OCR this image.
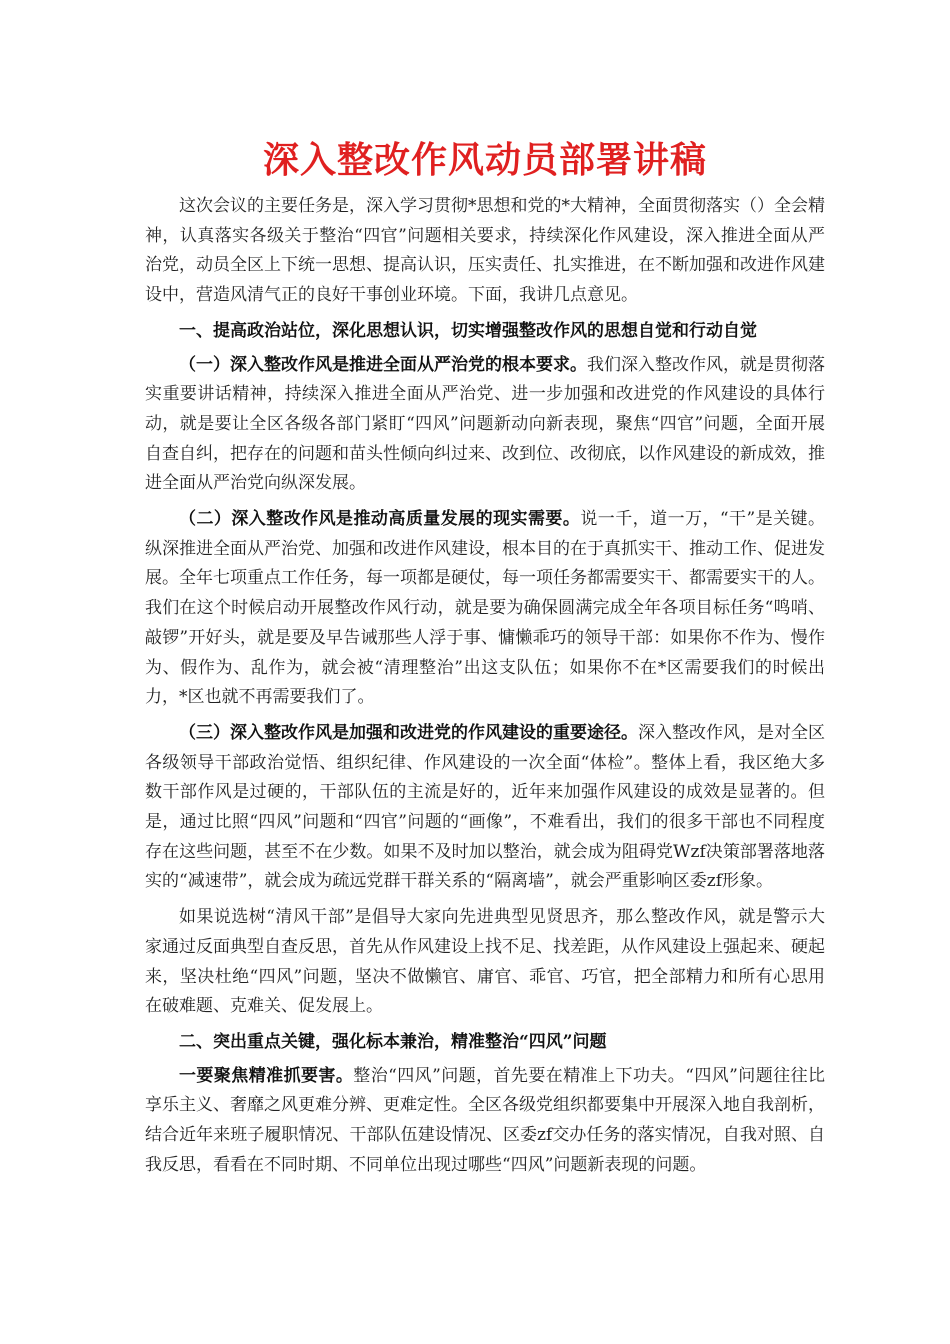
深入整改作风动员部署讲稿

这次会议的主要任务是，深入学习贯彻*思想和党的*大精神，全面贯彻落实（）全会精神，认真落实各级关于整治“四官”问题相关要求，持续深化作风建设，深入推进全面从严治党，动员全区上下统一思想、提高认识，压实责任、扎实推进，在不断加强和改进作风建设中，营造风清气正的良好干事创业环境。下面，我讲几点意见。

一、提高政治站位，深化思想认识，切实增强整改作风的思想自觉和行动自觉

（一）深入整改作风是推进全面从严治党的根本要求。我们深入整改作风，就是贯彻落实重要讲话精神，持续深入推进全面从严治党、进一步加强和改进党的作风建设的具体行动，就是要让全区各级各部门紧盯“四风”问题新动向新表现，聚焦“四官”问题，全面开展自查自纠，把存在的问题和苗头性倾向纠过来、改到位、改彻底，以作风建设的新成效，推进全面从严治党向纵深发展。

（二）深入整改作风是推动高质量发展的现实需要。说一千，道一万，“干”是关键。纵深推进全面从严治党、加强和改进作风建设，根本目的在于真抓实干、推动工作、促进发展。全年七项重点工作任务，每一项都是硬仗，每一项任务都需要实干、都需要实干的人。我们在这个时候启动开展整改作风行动，就是要为确保圆满完成全年各项目标任务“鸣哨、敲锣”开好头，就是要及早告诫那些人浮于事、慵懒乖巧的领导干部：如果你不作为、慢作为、假作为、乱作为，就会被“清理整治”出这支队伍；如果你不在*区需要我们的时候出力，*区也就不再需要我们了。

（三）深入整改作风是加强和改进党的作风建设的重要途径。深入整改作风，是对全区各级领导干部政治觉悟、组织纪律、作风建设的一次全面“体检”。整体上看，我区绝大多数干部作风是过硬的，干部队伍的主流是好的，近年来加强作风建设的成效是显著的。但是，通过比照“四风”问题和“四官”问题的“画像”，不难看出，我们的很多干部也不同程度存在这些问题，甚至不在少数。如果不及时加以整治，就会成为阻碍党Wzf决策部署落地落实的“减速带”，就会成为疏远党群干群关系的“隔离墙”，就会严重影响区委zf形象。

如果说选树“清风干部”是倡导大家向先进典型见贤思齐，那么整改作风，就是警示大家通过反面典型自查反思，首先从作风建设上找不足、找差距，从作风建设上强起来、硬起来，坚决杜绝“四风”问题，坚决不做懒官、庸官、乖官、巧官，把全部精力和所有心思用在破难题、克难关、促发展上。

二、突出重点关键，强化标本兼治，精准整治“四风”问题

一要聚焦精准抓要害。整治“四风”问题，首先要在精准上下功夫。“四风”问题往往比享乐主义、奢靡之风更难分辨、更难定性。全区各级党组织都要集中开展深入地自我剖析，结合近年来班子履职情况、干部队伍建设情况、区委zf交办任务的落实情况，自我对照、自我反思，看看在不同时期、不同单位出现过哪些“四风”问题新表现的问题。
